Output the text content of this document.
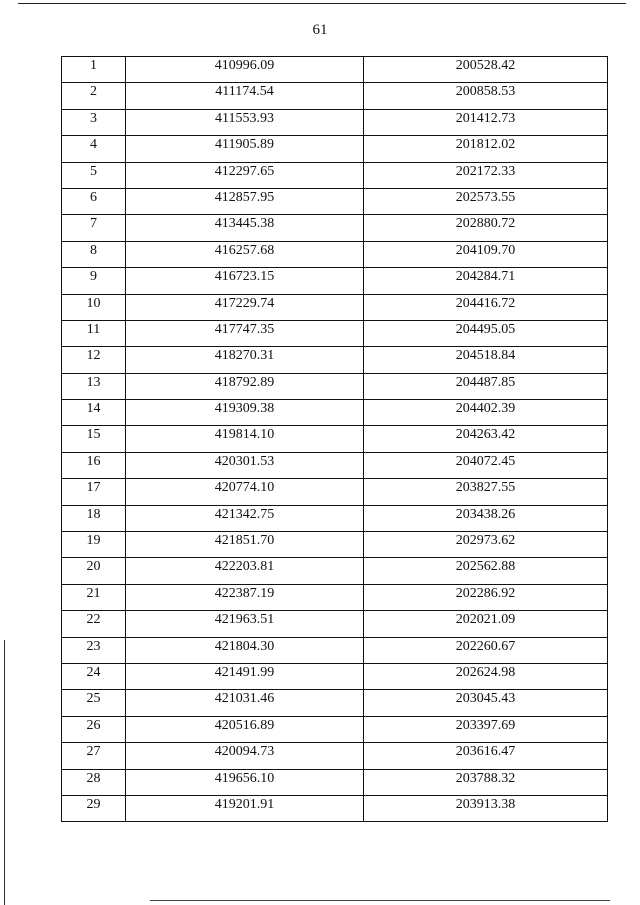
61
1	410996.09	200528.42
2	411174.54	200858.53
3	411553.93	201412.73
4	411905.89	201812.02
5	412297.65	202172.33
6	412857.95	202573.55
7	413445.38	202880.72
8	416257.68	204109.70
9	416723.15	204284.71
10	417229.74	204416.72
11	417747.35	204495.05
12	418270.31	204518.84
13	418792.89	204487.85
14	419309.38	204402.39
15	419814.10	204263.42
16	420301.53	204072.45
17	420774.10	203827.55
18	421342.75	203438.26
19	421851.70	202973.62
20	422203.81	202562.88
21	422387.19	202286.92
22	421963.51	202021.09
23	421804.30	202260.67
24	421491.99	202624.98
25	421031.46	203045.43
26	420516.89	203397.69
27	420094.73	203616.47
28	419656.10	203788.32
29	419201.91	203913.38
